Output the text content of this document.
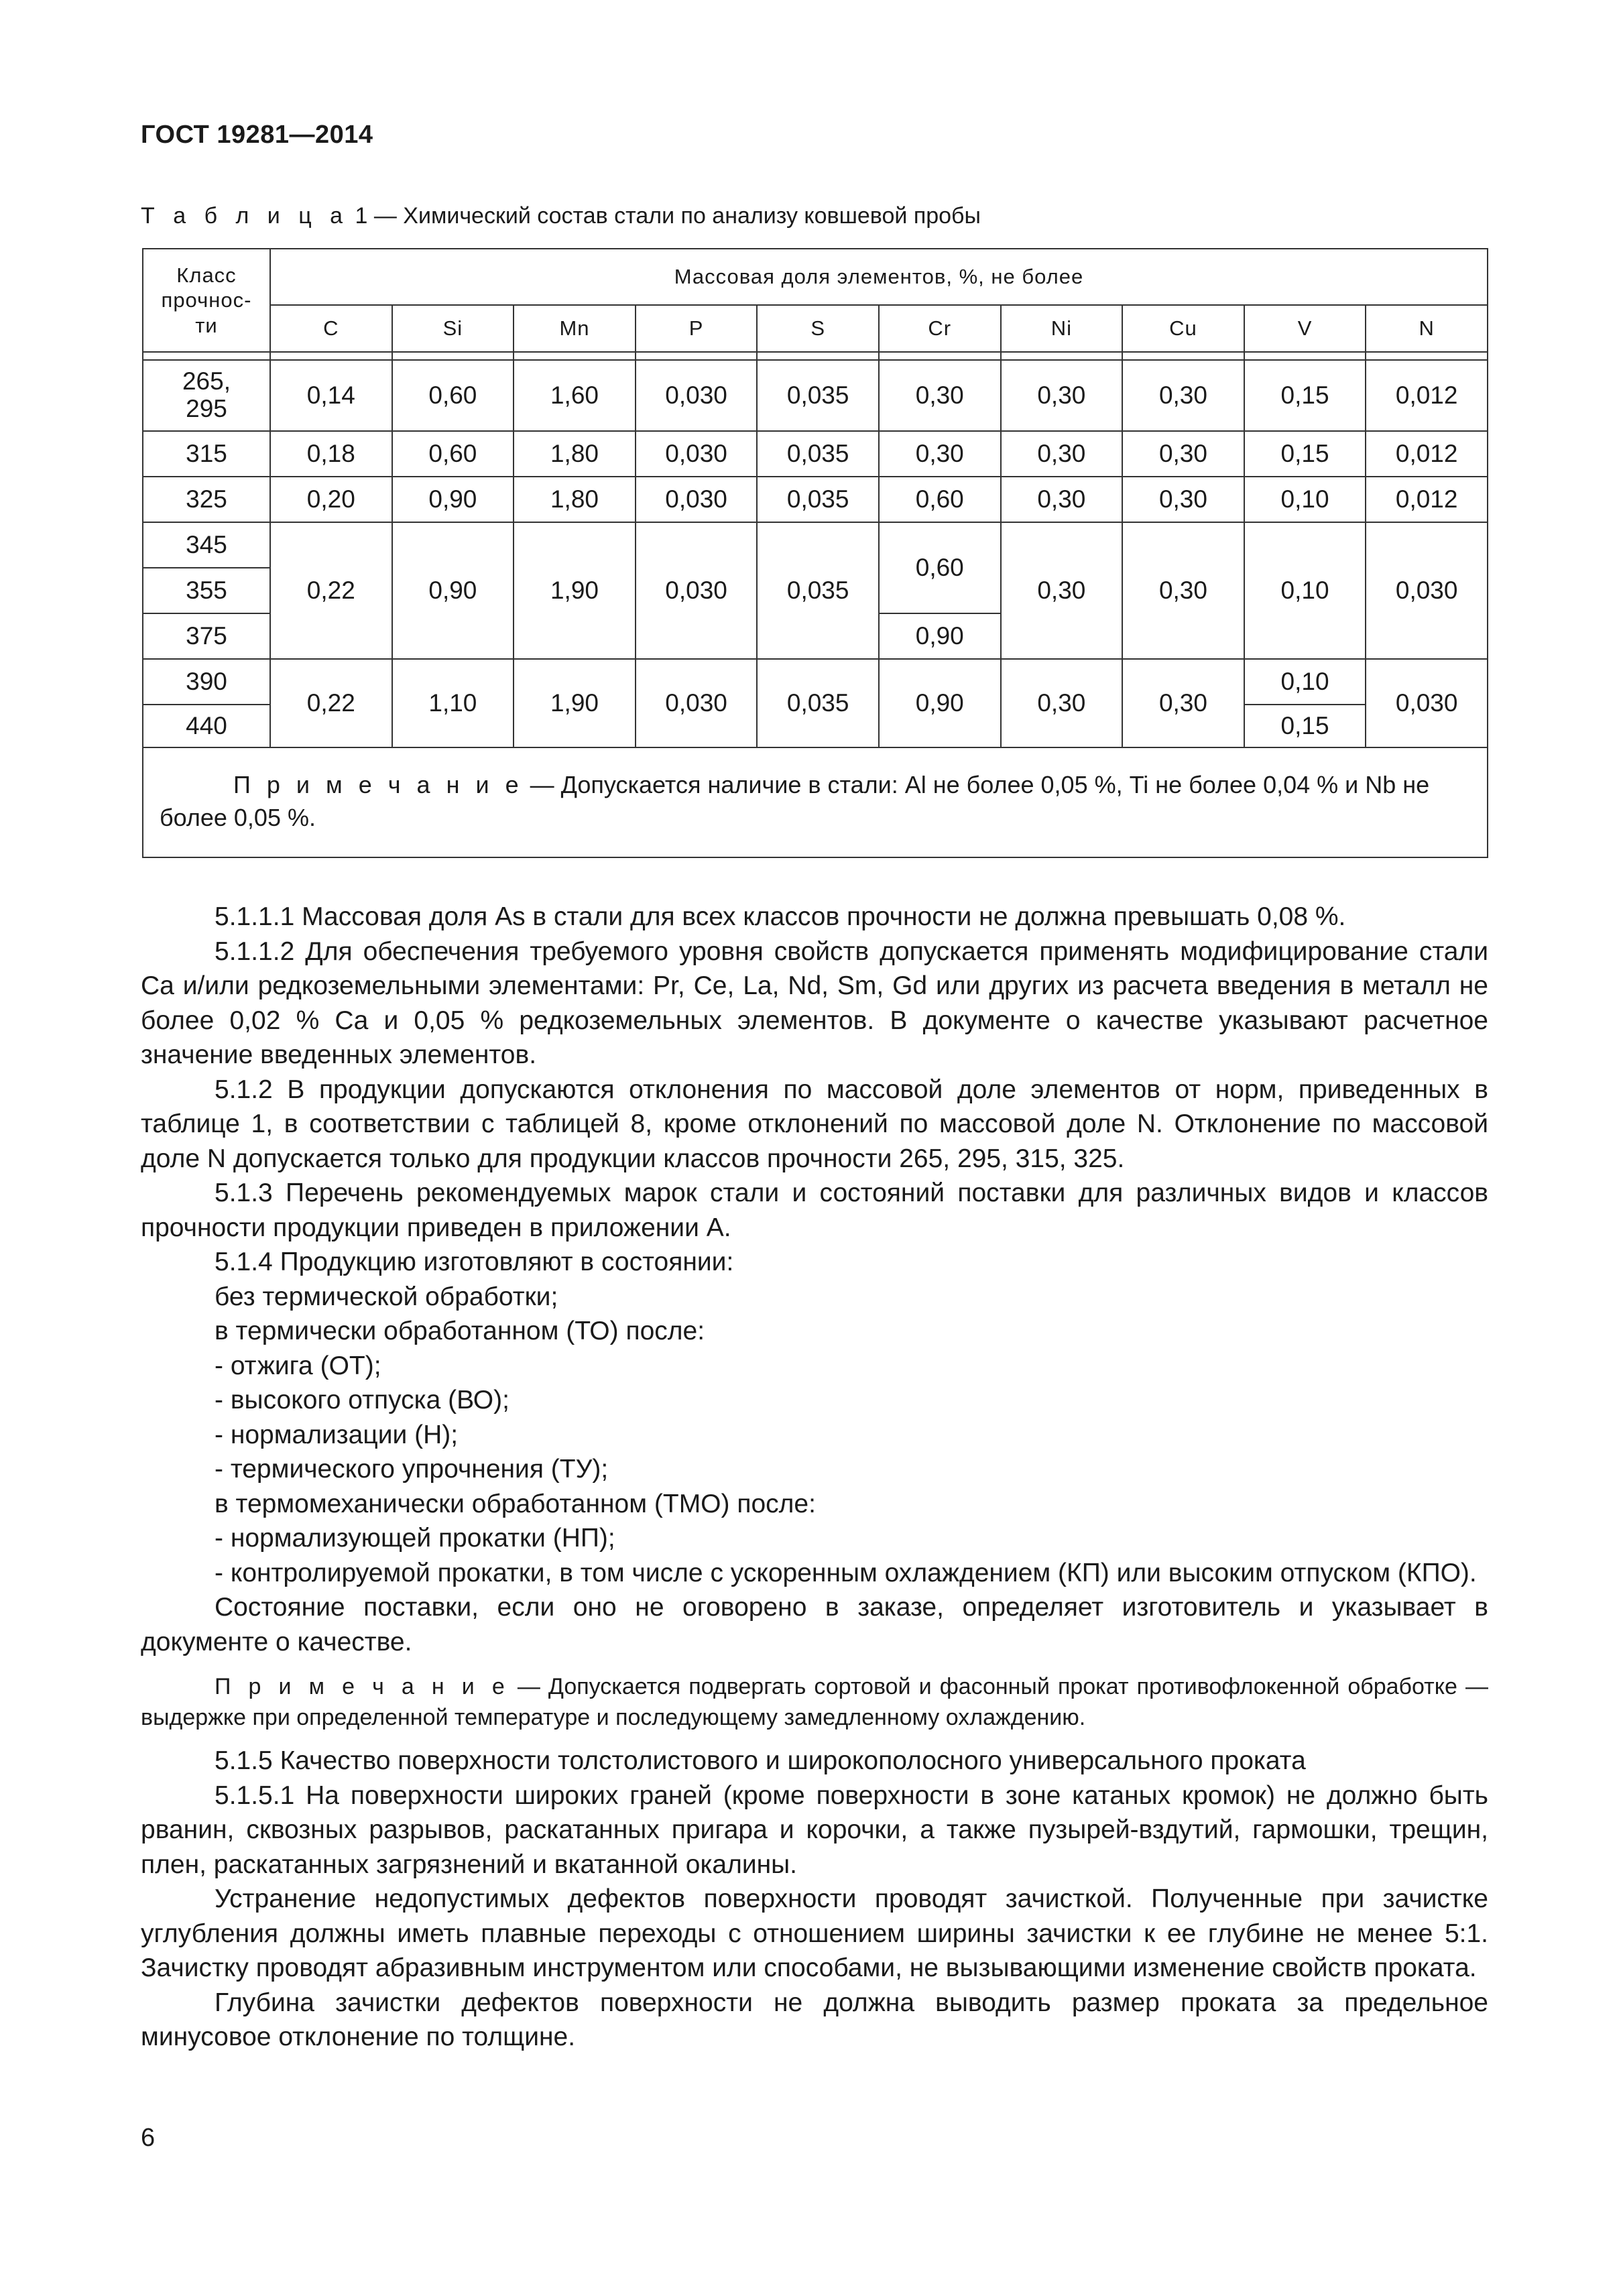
ГОСТ 19281—2014
Т а б л и ц а 1 — Химический состав стали по анализу ковшевой пробы
Класс
прочнос-
ти	Массовая доля элементов, %, не более									
	C	Si	Mn	P	S	Cr	Ni	Cu	V	N

265, 295	0,14	0,60	1,60	0,030	0,035	0,30	0,30	0,30	0,15	0,012
315	0,18	0,60	1,80	0,030	0,035	0,30	0,30	0,30	0,15	0,012
325	0,20	0,90	1,80	0,030	0,035	0,60	0,30	0,30	0,10	0,012
345	0,22	0,90	1,90	0,030	0,035	0,60	0,30	0,30	0,10	0,030
355										
375						0,90				
390	0,22	1,10	1,90	0,030	0,035	0,90	0,30	0,30	0,10	0,030
440									0,15	
П р и м е ч а н и е — Допускается наличие в стали: Al не более 0,05 %, Ti не более 0,04 % и Nb не более 0,05 %.										

5.1.1.1 Массовая доля As в стали для всех классов прочности не должна превышать 0,08 %.

5.1.1.2 Для обеспечения требуемого уровня свойств допускается применять модифицирование стали Ca и/или редкоземельными элементами: Pr, Ce, La, Nd, Sm, Gd или других из расчета введения в металл не более 0,02 % Ca и 0,05 % редкоземельных элементов. В документе о качестве указывают расчетное значение введенных элементов.

5.1.2 В продукции допускаются отклонения по массовой доле элементов от норм, приведенных в таблице 1, в соответствии с таблицей 8, кроме отклонений по массовой доле N. Отклонение по массовой доле N допускается только для продукции классов прочности 265, 295, 315, 325.

5.1.3 Перечень рекомендуемых марок стали и состояний поставки для различных видов и классов прочности продукции приведен в приложении А.

5.1.4 Продукцию изготовляют в состоянии:

без термической обработки;

в термически обработанном (ТО) после:

- отжига (ОТ);

- высокого отпуска (ВО);

- нормализации (Н);

- термического упрочнения (ТУ);

в термомеханически обработанном (ТМО) после:

- нормализующей прокатки (НП);

- контролируемой прокатки, в том числе с ускоренным охлаждением (КП) или высоким отпуском (КПО).

Состояние поставки, если оно не оговорено в заказе, определяет изготовитель и указывает в документе о качестве.

П р и м е ч а н и е — Допускается подвергать сортовой и фасонный прокат противофлокенной обработке — выдержке при определенной температуре и последующему замедленному охлаждению.

5.1.5 Качество поверхности толстолистового и широкополосного универсального проката

5.1.5.1 На поверхности широких граней (кроме поверхности в зоне катаных кромок) не должно быть рванин, сквозных разрывов, раскатанных пригара и корочки, а также пузырей-вздутий, гармошки, трещин, плен, раскатанных загрязнений и вкатанной окалины.

Устранение недопустимых дефектов поверхности проводят зачисткой. Полученные при зачистке углубления должны иметь плавные переходы с отношением ширины зачистки к ее глубине не менее 5:1. Зачистку проводят абразивным инструментом или способами, не вызывающими изменение свойств проката.

Глубина зачистки дефектов поверхности не должна выводить размер проката за предельное минусовое отклонение по толщине.

6
